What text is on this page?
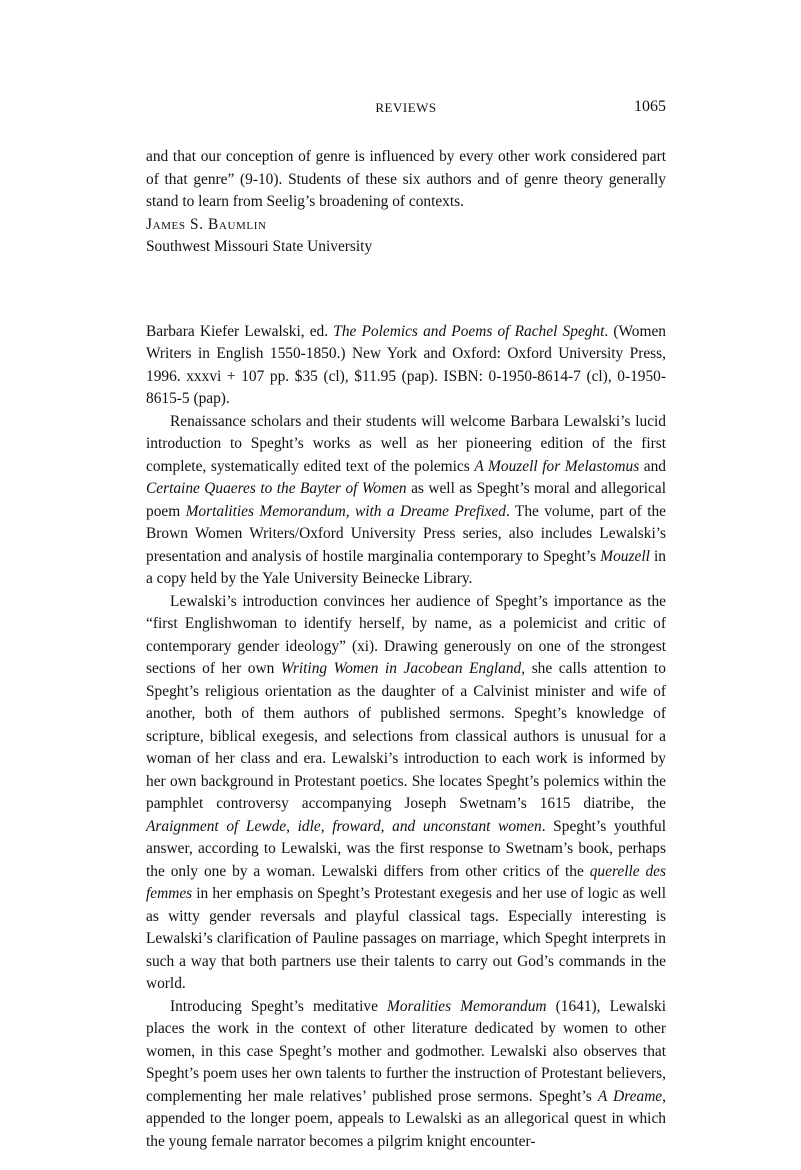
REVIEWS	1065

and that our conception of genre is influenced by every other work considered part of that genre” (9-10). Students of these six authors and of genre theory generally stand to learn from Seelig’s broadening of contexts.

James S. Baumlin
Southwest Missouri State University

Barbara Kiefer Lewalski, ed. The Polemics and Poems of Rachel Speght. (Women Writers in English 1550-1850.) New York and Oxford: Oxford University Press, 1996. xxxvi + 107 pp. $35 (cl), $11.95 (pap). ISBN: 0-1950-8614-7 (cl), 0-1950-8615-5 (pap).

Renaissance scholars and their students will welcome Barbara Lewalski’s lucid introduction to Speght’s works as well as her pioneering edition of the first complete, systematically edited text of the polemics A Mouzell for Melastomus and Certaine Quaeres to the Bayter of Women as well as Speght’s moral and allegorical poem Mortalities Memorandum, with a Dreame Prefixed. The volume, part of the Brown Women Writers/Oxford University Press series, also includes Lewalski’s presentation and analysis of hostile marginalia contemporary to Speght’s Mouzell in a copy held by the Yale University Beinecke Library.

Lewalski’s introduction convinces her audience of Speght’s importance as the “first Englishwoman to identify herself, by name, as a polemicist and critic of contemporary gender ideology” (xi). Drawing generously on one of the strongest sections of her own Writing Women in Jacobean England, she calls attention to Speght’s religious orientation as the daughter of a Calvinist minister and wife of another, both of them authors of published sermons. Speght’s knowledge of scripture, biblical exegesis, and selections from classical authors is unusual for a woman of her class and era. Lewalski’s introduction to each work is informed by her own background in Protestant poetics. She locates Speght’s polemics within the pamphlet controversy accompanying Joseph Swetnam’s 1615 diatribe, the Araignment of Lewde, idle, froward, and unconstant women. Speght’s youthful answer, according to Lewalski, was the first response to Swetnam’s book, perhaps the only one by a woman. Lewalski differs from other critics of the querelle des femmes in her emphasis on Speght’s Protestant exegesis and her use of logic as well as witty gender reversals and playful classical tags. Especially interesting is Lewalski’s clarification of Pauline passages on marriage, which Speght interprets in such a way that both partners use their talents to carry out God’s commands in the world.

Introducing Speght’s meditative Moralities Memorandum (1641), Lewalski places the work in the context of other literature dedicated by women to other women, in this case Speght’s mother and godmother. Lewalski also observes that Speght’s poem uses her own talents to further the instruction of Protestant believers, complementing her male relatives’ published prose sermons. Speght’s A Dreame, appended to the longer poem, appeals to Lewalski as an allegorical quest in which the young female narrator becomes a pilgrim knight encounter-
